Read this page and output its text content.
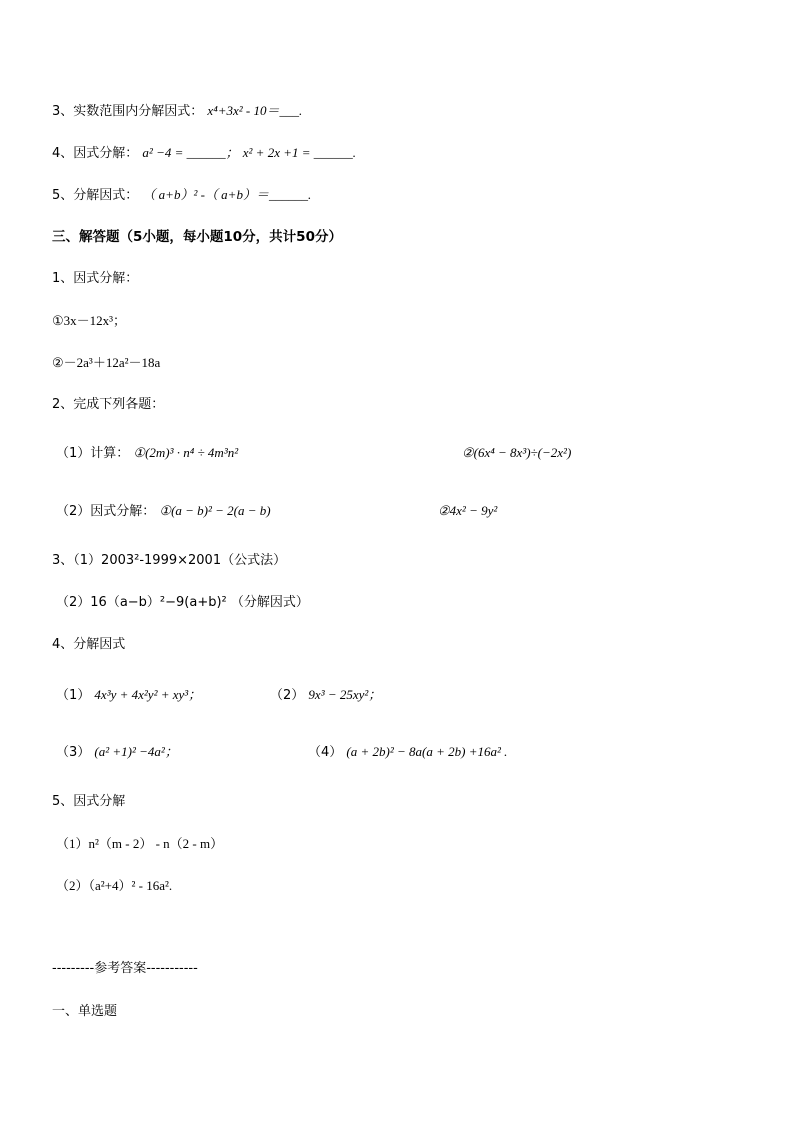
3、实数范围内分解因式： x⁴+3x² - 10＝___.
4、因式分解： a² −4 = ______； x² + 2x +1 = ______.
5、分解因式： （ a+b）² -（ a+b）＝______.
三、解答题（5小题，每小题10分，共计50分）
1、因式分解：
①3x－12x³；
②－2a³＋12a²－18a
2、完成下列各题：
（1）计算： ①(2m)³ · n⁴ ÷ 4m³n²	②(6x⁴ − 8x³)÷(−2x²)
（2）因式分解： ①(a − b)² − 2(a − b)	②4x² − 9y²
3、（1）2003²-1999×2001（公式法）
（2）16（a−b）²−9(a+b)² （分解因式）
4、分解因式
（1） 4x³y + 4x²y² + xy³；	（2） 9x³ − 25xy²；
（3） (a² +1)² −4a²；	（4） (a + 2b)² − 8a(a + 2b) +16a² .
5、因式分解
（1）n²（m - 2） - n（2 - m）
（2）（a²+4）² - 16a².
---------参考答案-----------
一、单选题
